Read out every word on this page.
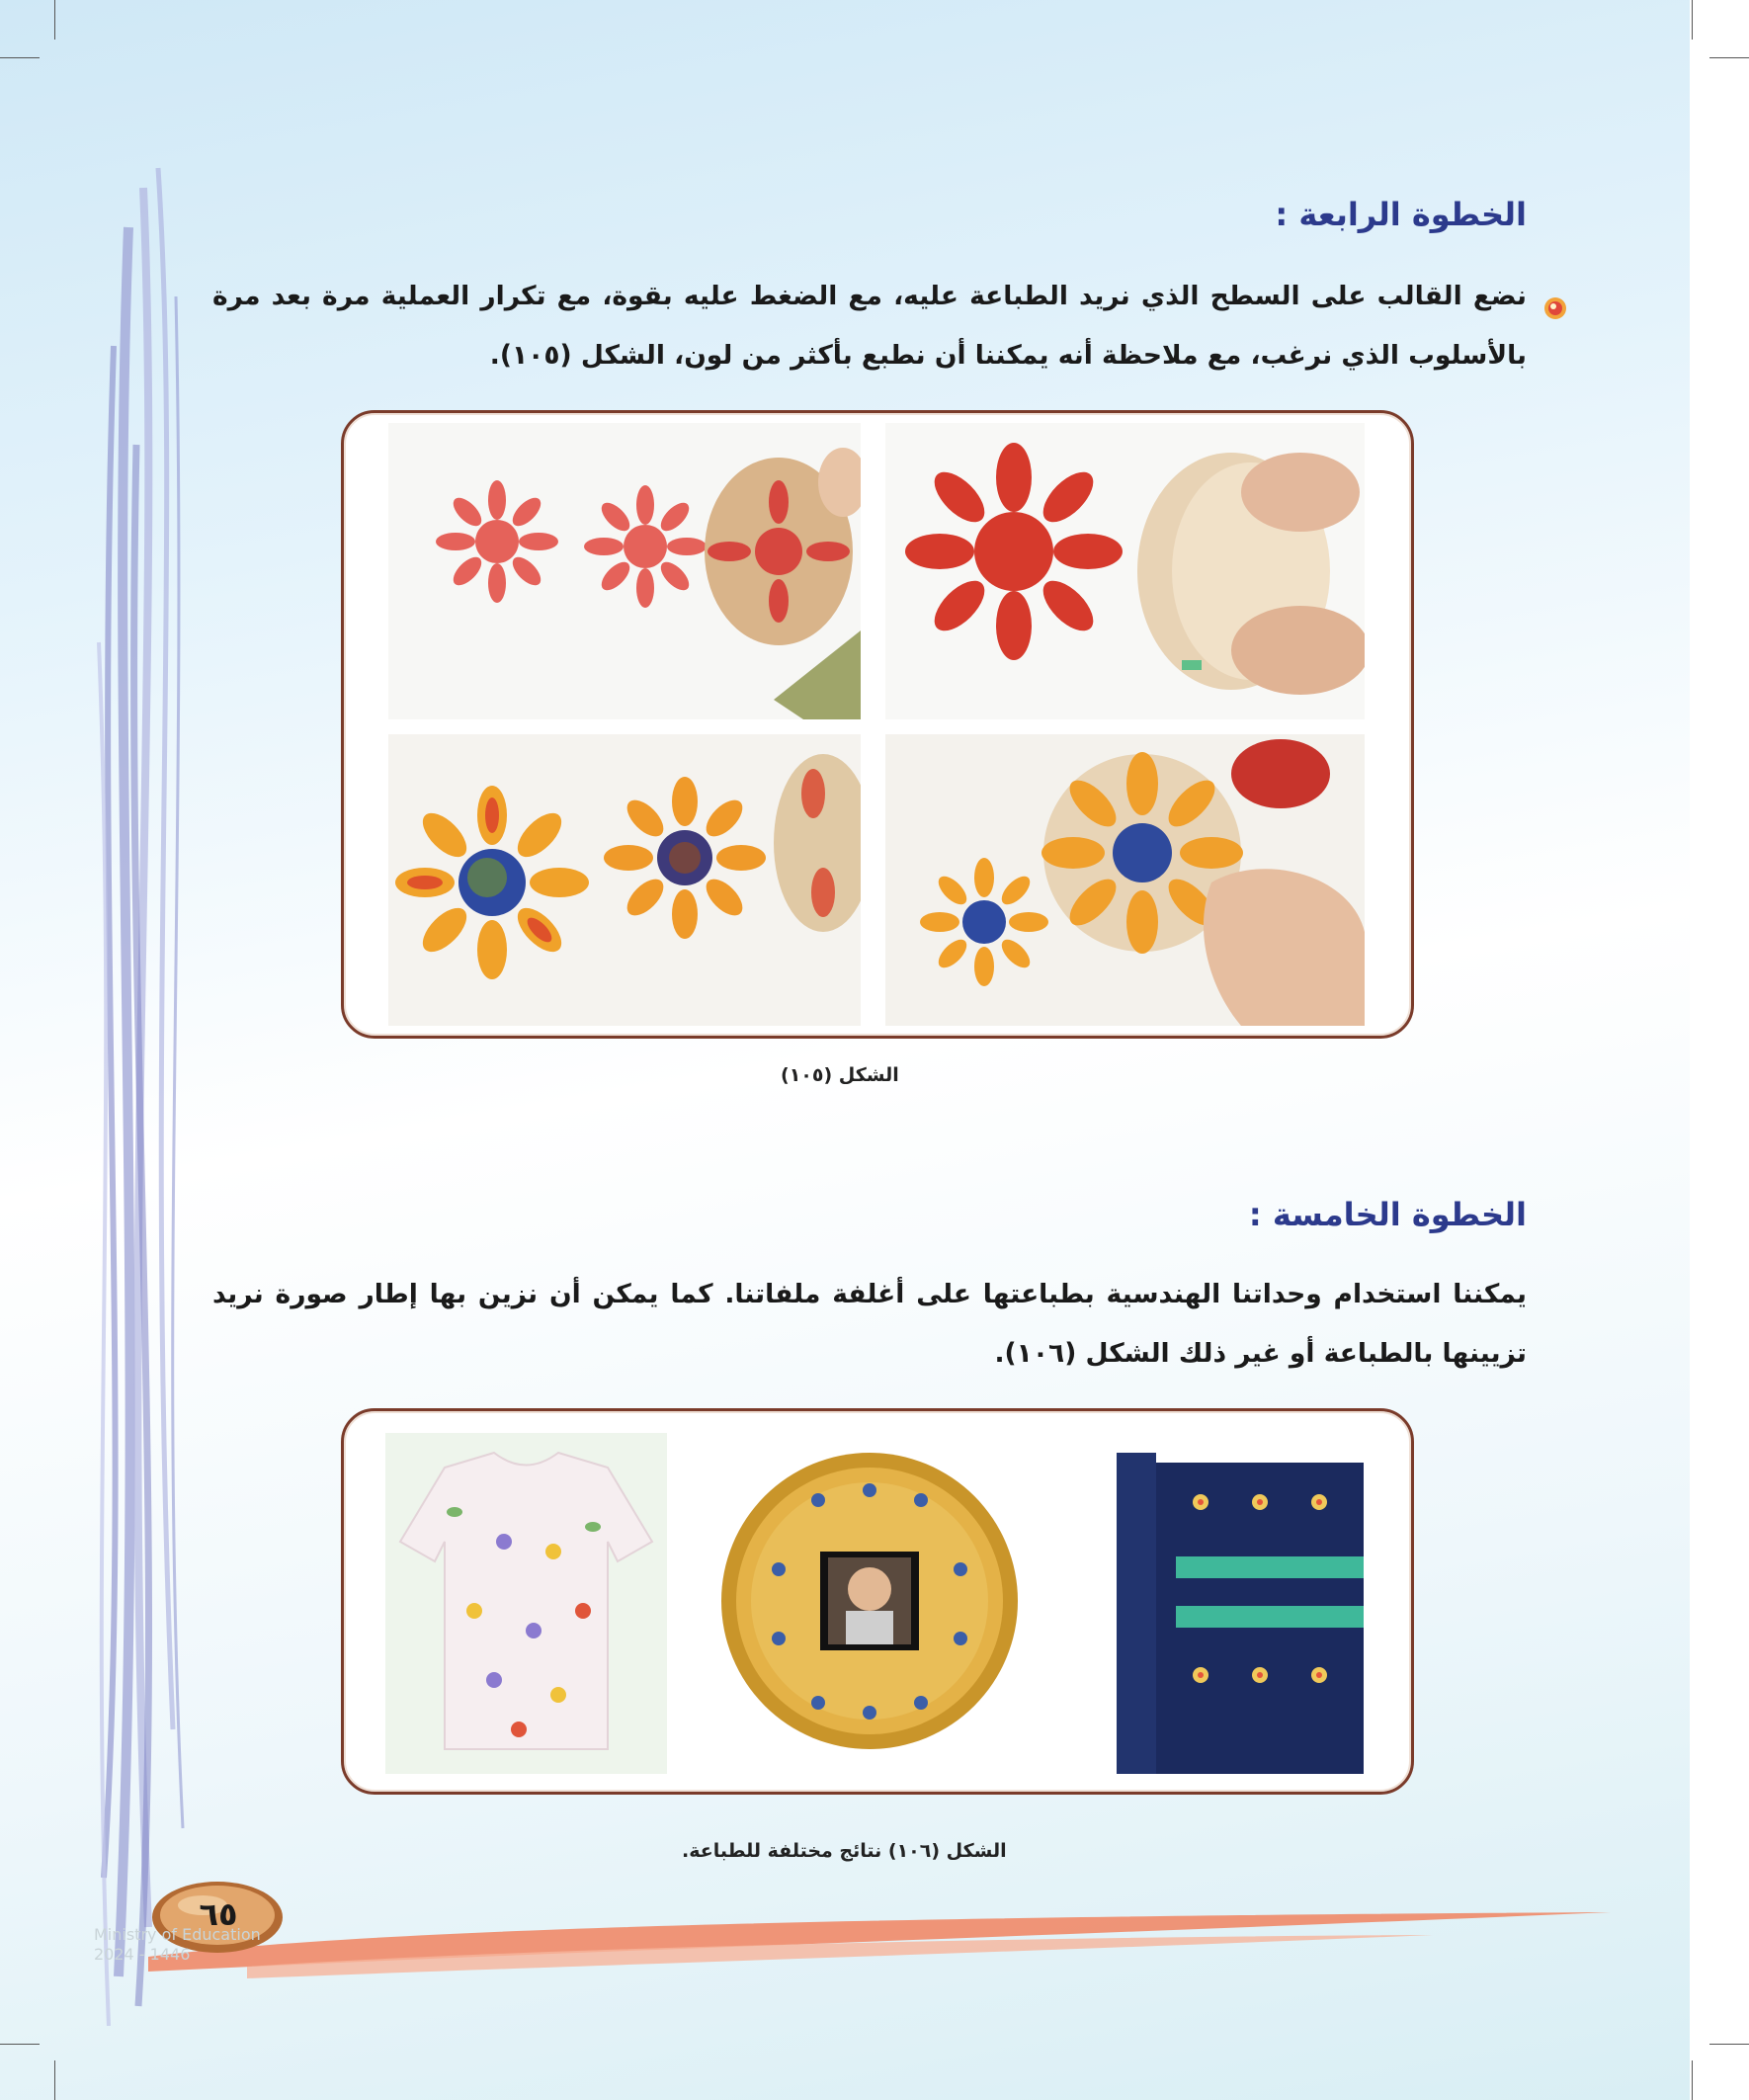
الخطوة الرابعة :
نضع القالب على السطح الذي نريد الطباعة عليه، مع الضغط عليه بقوة، مع تكرار العملية مرة بعد مرة بالأسلوب الذي نرغب، مع ملاحظة أنه يمكننا أن نطبع بأكثر من لون، الشكل (١٠٥).
الشكل (١٠٥)
الخطوة الخامسة :
يمكننا استخدام وحداتنا الهندسية بطباعتها على أغلفة ملفاتنا. كما يمكن أن نزين بها إطار صورة نريد تزيينها بالطباعة أو غير ذلك الشكل (١٠٦).
الشكل (١٠٦) نتائج مختلفة للطباعة.
٦٥
Ministry of Education
2024 - 1446
